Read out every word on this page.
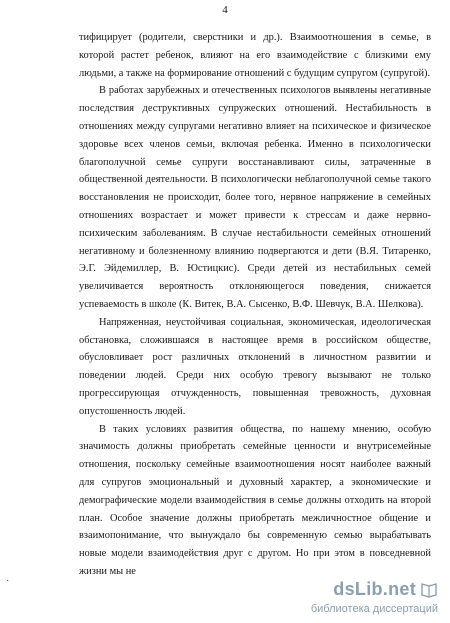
4

тифицирует (родители, сверстники и др.). Взаимоотношения в семье, в которой растет ребенок, влияют на его взаимодействие с близкими ему людьми, а также на формирование отношений с будущим супругом (супругой).

В работах зарубежных и отечественных психологов выявлены негативные последствия деструктивных супружеских отношений. Нестабильность в отношениях между супругами негативно влияет на психическое и физическое здоровье всех членов семьи, включая ребенка. Именно в психологически благополучной семье супруги восстанавливают силы, затраченные в общественной деятельности. В психологически неблагополучной семье такого восстановления не происходит, более того, нервное напряжение в семейных отношениях возрастает и может привести к стрессам и даже нервно-психическим заболеваниям. В случае нестабильности семейных отношений негативному и болезненному влиянию подвергаются и дети (В.Я. Титаренко, Э.Г. Эйдемиллер, В. Юстицкис). Среди детей из нестабильных семей увеличивается вероятность отклоняющегося поведения, снижается успеваемость в школе (К. Витек, В.А. Сысенко, В.Ф. Шевчук, В.А. Шелкова).

Напряженная, неустойчивая социальная, экономическая, идеологическая обстановка, сложившаяся в настоящее время в российском обществе, обусловливает рост различных отклонений в личностном развитии и поведении людей. Среди них особую тревогу вызывают не только прогрессирующая отчужденность, повышенная тревожность, духовная опустошенность людей.

В таких условиях развития общества, по нашему мнению, особую значимость должны приобретать семейные ценности и внутрисемейные отношения, поскольку семейные взаимоотношения носят наиболее важный для супругов эмоциональный и духовный характер, а экономические и демографические модели взаимодействия в семье должны отходить на второй план. Особое значение должны приобретать межличностное общение и взаимопонимание, что вынуждало бы современную семью вырабатывать новые модели взаимодействия друг с другом. Но при этом в повседневной жизни мы не

·	dsLib.net
библиотека диссертаций
